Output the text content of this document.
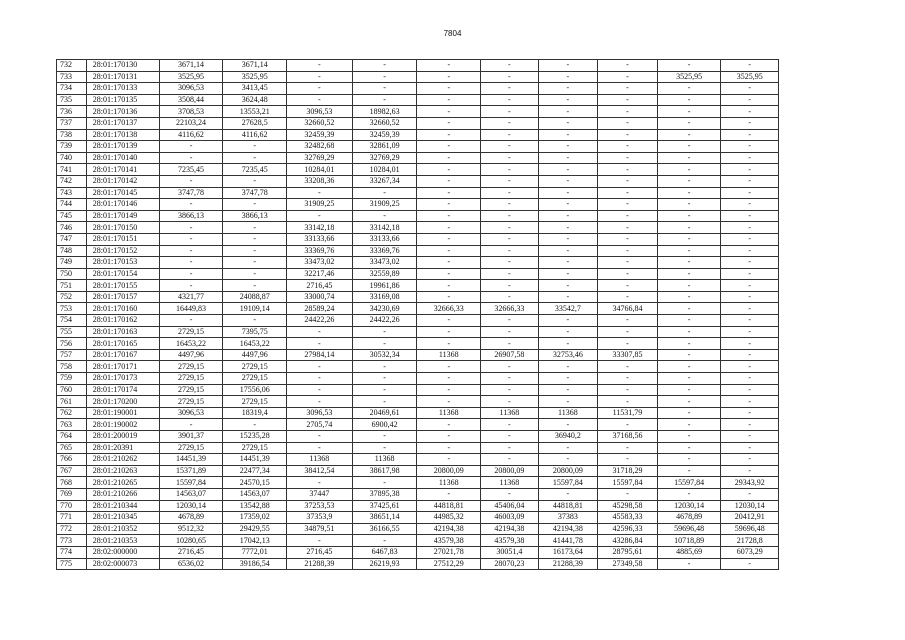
7804
732	28:01:170130	3671,14	3671,14	-	-	-	-	-	-	-	-
733	28:01:170131	3525,95	3525,95	-	-	-	-	-	-	3525,95	3525,95
734	28:01:170133	3096,53	3413,45	-	-	-	-	-	-	-	-
735	28:01:170135	3508,44	3624,48	-	-	-	-	-	-	-	-
736	28:01:170136	3708,53	13553,21	3096,53	18982,63	-	-	-	-	-	-
737	28:01:170137	22103,24	27628,5	32660,52	32660,52	-	-	-	-	-	-
738	28:01:170138	4116,62	4116,62	32459,39	32459,39	-	-	-	-	-	-
739	28:01:170139	-	-	32482,68	32861,09	-	-	-	-	-	-
740	28:01:170140	-	-	32769,29	32769,29	-	-	-	-	-	-
741	28:01:170141	7235,45	7235,45	10284,01	10284,01	-	-	-	-	-	-
742	28:01:170142	-	-	33208,36	33267,34	-	-	-	-	-	-
743	28:01:170145	3747,78	3747,78	-	-	-	-	-	-	-	-
744	28:01:170146	-	-	31909,25	31909,25	-	-	-	-	-	-
745	28:01:170149	3866,13	3866,13	-	-	-	-	-	-	-	-
746	28:01:170150	-	-	33142,18	33142,18	-	-	-	-	-	-
747	28:01:170151	-	-	33133,66	33133,66	-	-	-	-	-	-
748	28:01:170152	-	-	33369,76	33369,76	-	-	-	-	-	-
749	28:01:170153	-	-	33473,02	33473,02	-	-	-	-	-	-
750	28:01:170154	-	-	32217,46	32559,89	-	-	-	-	-	-
751	28:01:170155	-	-	2716,45	19961,86	-	-	-	-	-	-
752	28:01:170157	4321,77	24088,87	33000,74	33169,08	-	-	-	-	-	-
753	28:01:170160	16449,83	19109,14	28589,24	34230,69	32666,33	32666,33	33542,7	34766,84	-	-
754	28:01:170162	-	-	24422,26	24422,26	-	-	-	-	-	-
755	28:01:170163	2729,15	7395,75	-	-	-	-	-	-	-	-
756	28:01:170165	16453,22	16453,22	-	-	-	-	-	-	-	-
757	28:01:170167	4497,96	4497,96	27984,14	30532,34	11368	26907,58	32753,46	33307,85	-	-
758	28:01:170171	2729,15	2729,15	-	-	-	-	-	-	-	-
759	28:01:170173	2729,15	2729,15	-	-	-	-	-	-	-	-
760	28:01:170174	2729,15	17556,06	-	-	-	-	-	-	-	-
761	28:01:170200	2729,15	2729,15	-	-	-	-	-	-	-	-
762	28:01:190001	3096,53	18319,4	3096,53	20469,61	11368	11368	11368	11531,79	-	-
763	28:01:190002	-	-	2705,74	6900,42	-	-	-	-	-	-
764	28:01:200019	3901,37	15235,28	-	-	-	-	36940,2	37168,56	-	-
765	28:01:20391	2729,15	2729,15	-	-	-	-	-	-	-	-
766	28:01:210262	14451,39	14451,39	11368	11368	-	-	-	-	-	-
767	28:01:210263	15371,89	22477,34	38412,54	38617,98	20800,09	20800,09	20800,09	31718,29	-	-
768	28:01:210265	15597,84	24570,15	-	-	11368	11368	15597,84	15597,84	15597,84	29343,92
769	28:01:210266	14563,07	14563,07	37447	37895,38	-	-	-	-	-	-
770	28:01:210344	12030,14	13542,88	37253,53	37425,61	44818,81	45406,04	44818,81	45298,58	12030,14	12030,14
771	28:01:210345	4678,89	17359,02	37353,9	38651,14	44985,32	46003,09	37383	45583,33	4678,89	20412,91
772	28:01:210352	9512,32	29429,55	34879,51	36166,55	42194,38	42194,38	42194,38	42596,33	59696,48	59696,48
773	28:01:210353	10280,65	17042,13	-	-	43579,38	43579,38	41441,78	43286,84	10718,89	21728,8
774	28:02:000000	2716,45	7772,01	2716,45	6467,83	27021,78	30051,4	16173,64	28795,61	4885,69	6073,29
775	28:02:000073	6536,02	39186,54	21288,39	26219,93	27512,29	28070,23	21288,39	27349,58	-	-
